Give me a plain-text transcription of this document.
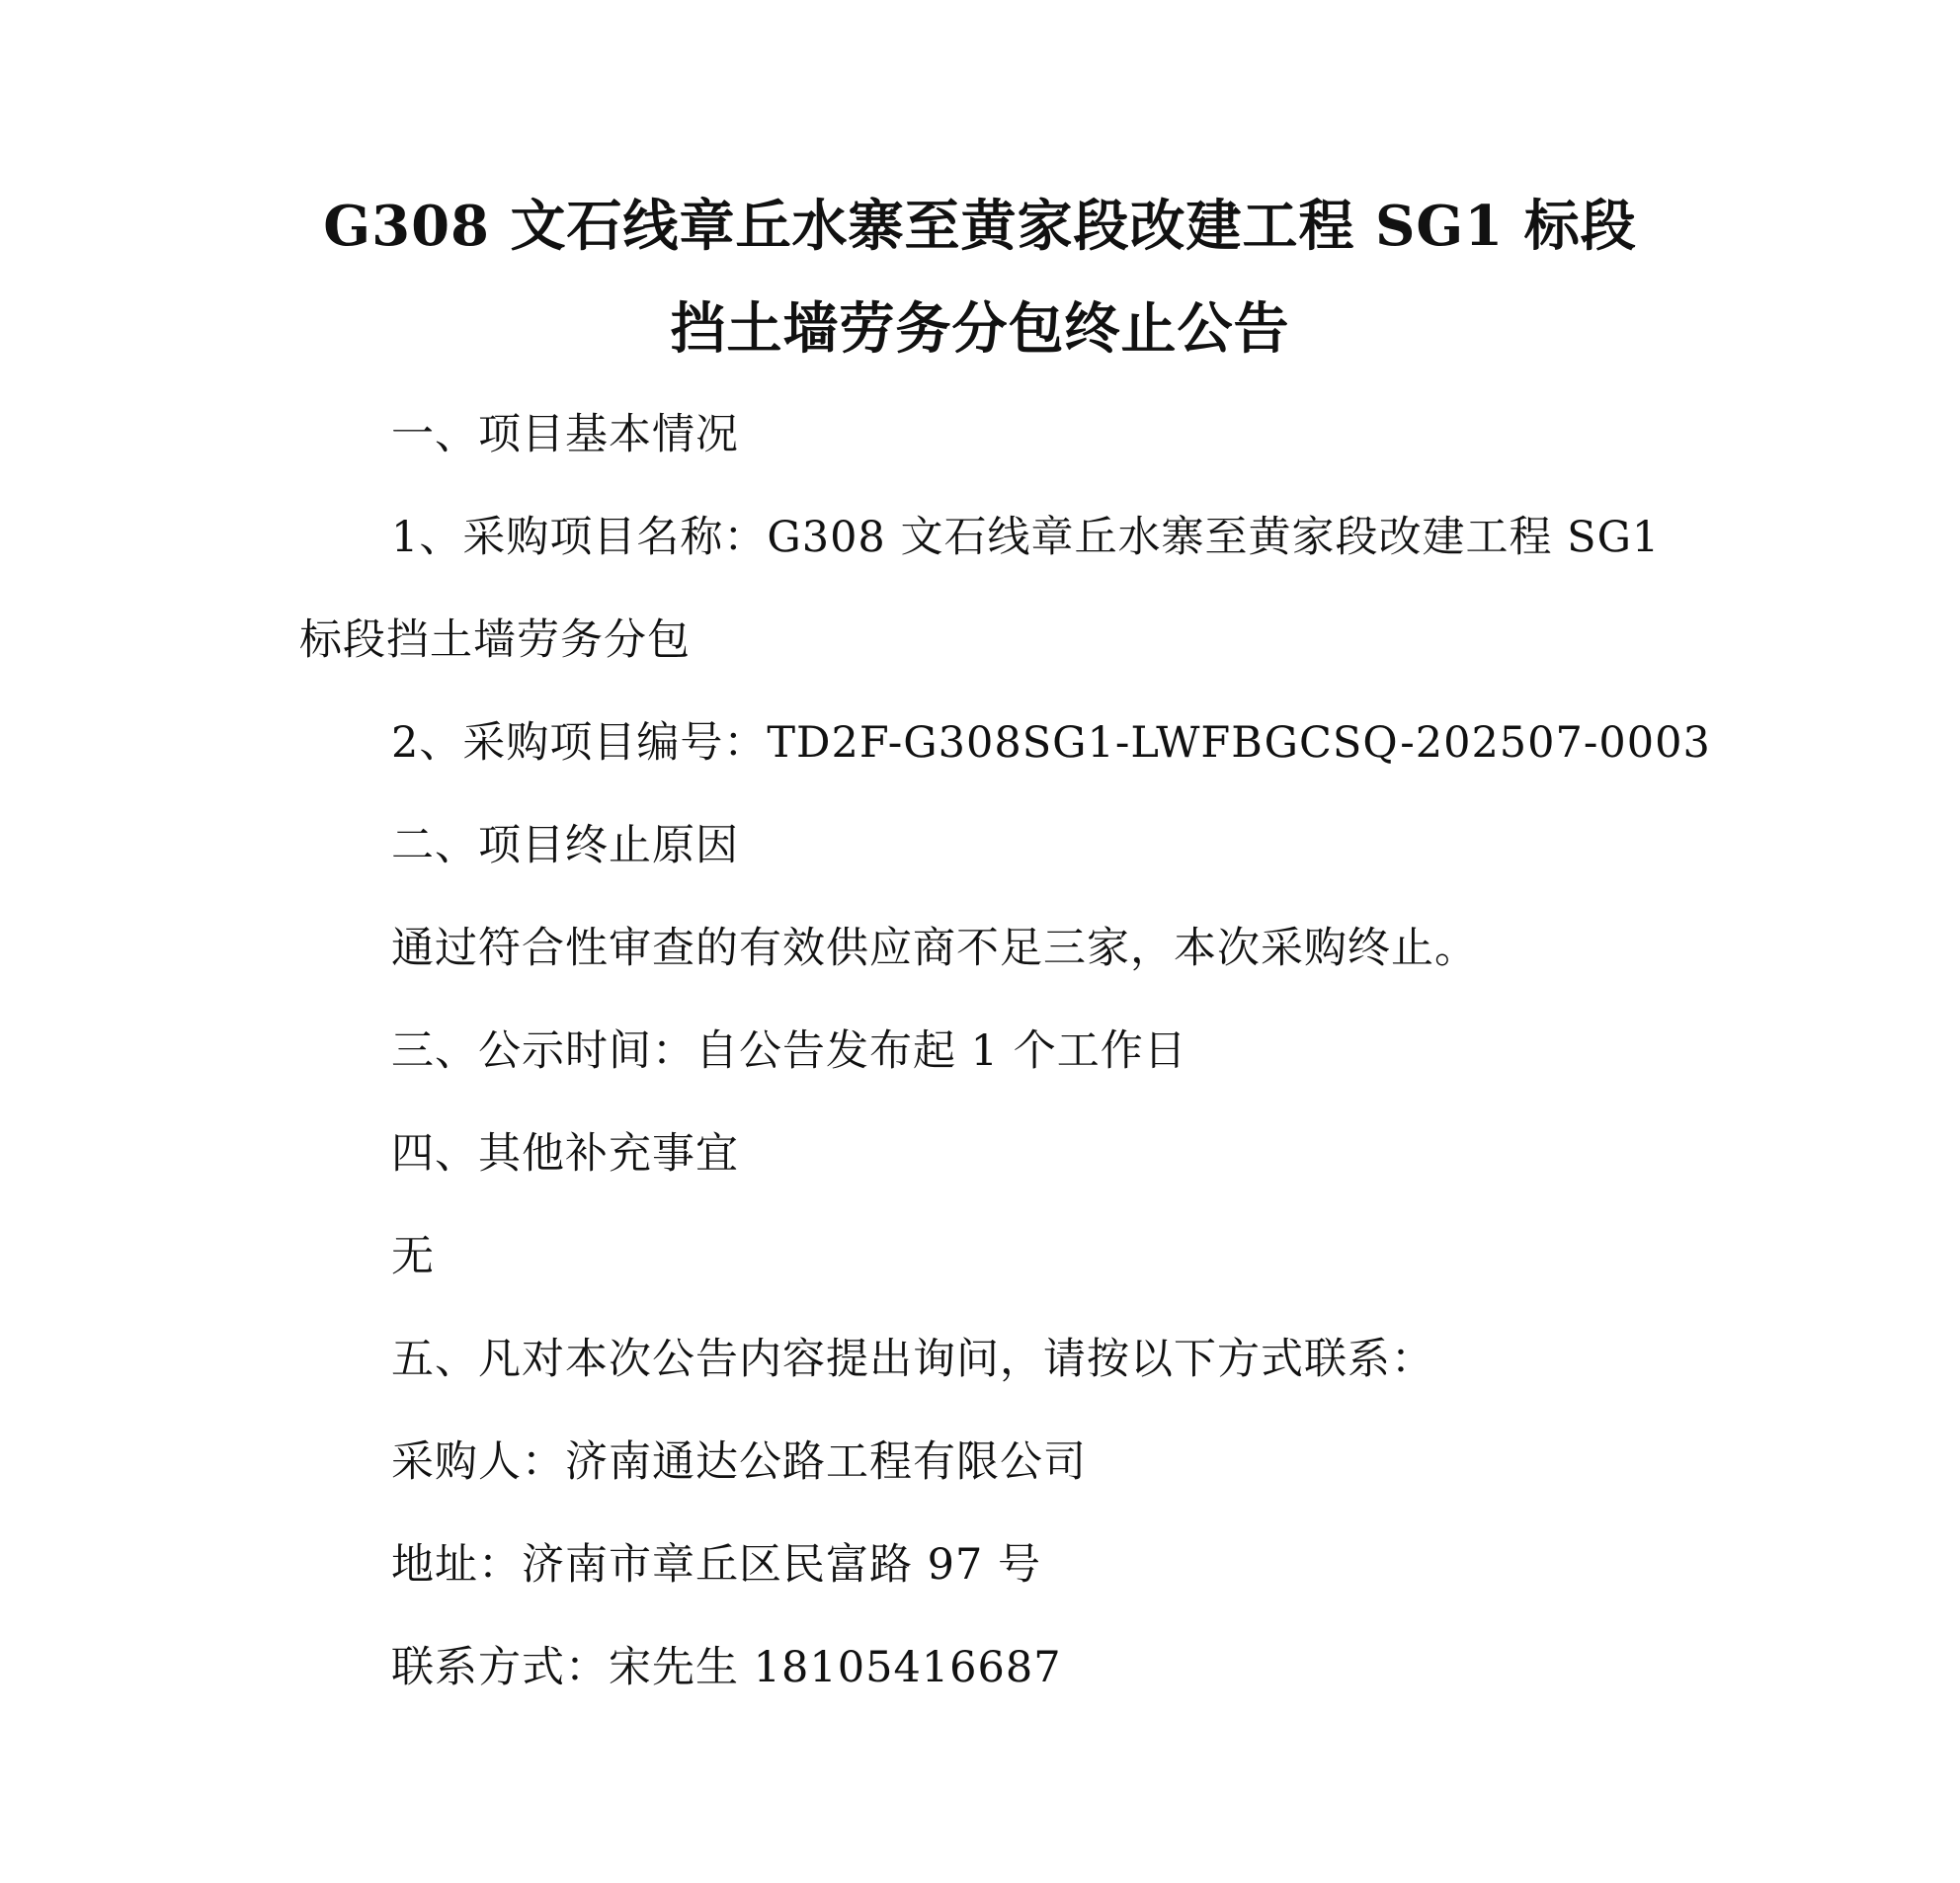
G308 文石线章丘水寨至黄家段改建工程 SG1 标段
挡土墙劳务分包终止公告
一、项目基本情况
1、采购项目名称：G308 文石线章丘水寨至黄家段改建工程 SG1
标段挡土墙劳务分包
2、采购项目编号：TD2F-G308SG1-LWFBGCSQ-202507-0003
二、项目终止原因
通过符合性审查的有效供应商不足三家，本次采购终止。
三、公示时间：自公告发布起 1 个工作日
四、其他补充事宜
无
五、凡对本次公告内容提出询问，请按以下方式联系：
采购人：济南通达公路工程有限公司
地址：济南市章丘区民富路 97 号
联系方式：宋先生 18105416687
